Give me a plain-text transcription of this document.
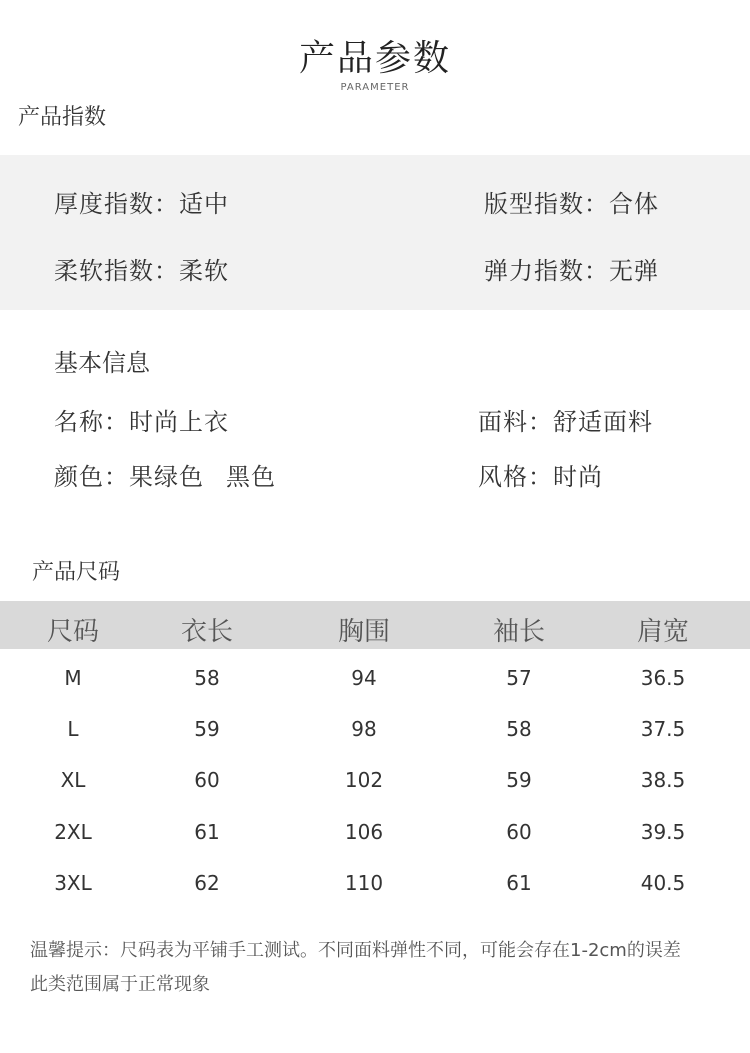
产品参数
PARAMETER
产品指数
厚度指数：适中	版型指数：合体
柔软指数：柔软	弹力指数：无弹
基本信息
名称：时尚上衣	面料：舒适面料
颜色：果绿色 黑色	风格：时尚
产品尺码
尺码	衣长	胸围	袖长	肩宽
M	58	94	57	36.5
L	59	98	58	37.5
XL	60	102	59	38.5
2XL	61	106	60	39.5
3XL	62	110	61	40.5
温馨提示：尺码表为平铺手工测试。不同面料弹性不同，可能会存在1-2cm的误差
此类范围属于正常现象
